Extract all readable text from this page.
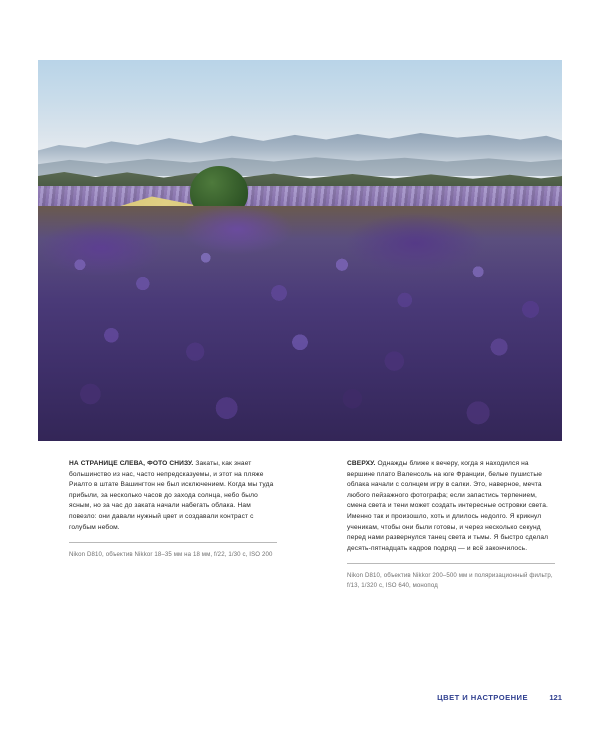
НА СТРАНИЦЕ СЛЕВА, ФОТО СНИЗУ. Закаты, как знает большинство из нас, часто непредсказуемы, и этот на пляже Риалто в штате Вашингтон не был исключением. Когда мы туда прибыли, за несколько часов до захода солнца, небо было ясным, но за час до заката начали набегать облака. Нам повезло: они давали нужный цвет и создавали контраст с голубым небом.

Nikon D810, объектив Nikkor 18–35 мм на 18 мм, f/22, 1/30 с, ISO 200

СВЕРХУ. Однажды ближе к вечеру, когда я находился на вершине плато Валенсоль на юге Франции, белые пушистые облака начали с солнцем игру в салки. Это, наверное, мечта любого пейзажного фотографа; если запастись терпением, смена света и тени может создать интересные островки света. Именно так и произошло, хоть и длилось недолго. Я крикнул ученикам, чтобы они были готовы, и через несколько секунд перед нами развернулся танец света и тьмы. Я быстро сделал десять-пятнадцать кадров подряд — и всё закончилось.

Nikon D810, объектив Nikkor 200–500 мм и поляризационный фильтр, f/13, 1/320 с, ISO 640, монопод

ЦВЕТ И НАСТРОЕНИЕ	121
